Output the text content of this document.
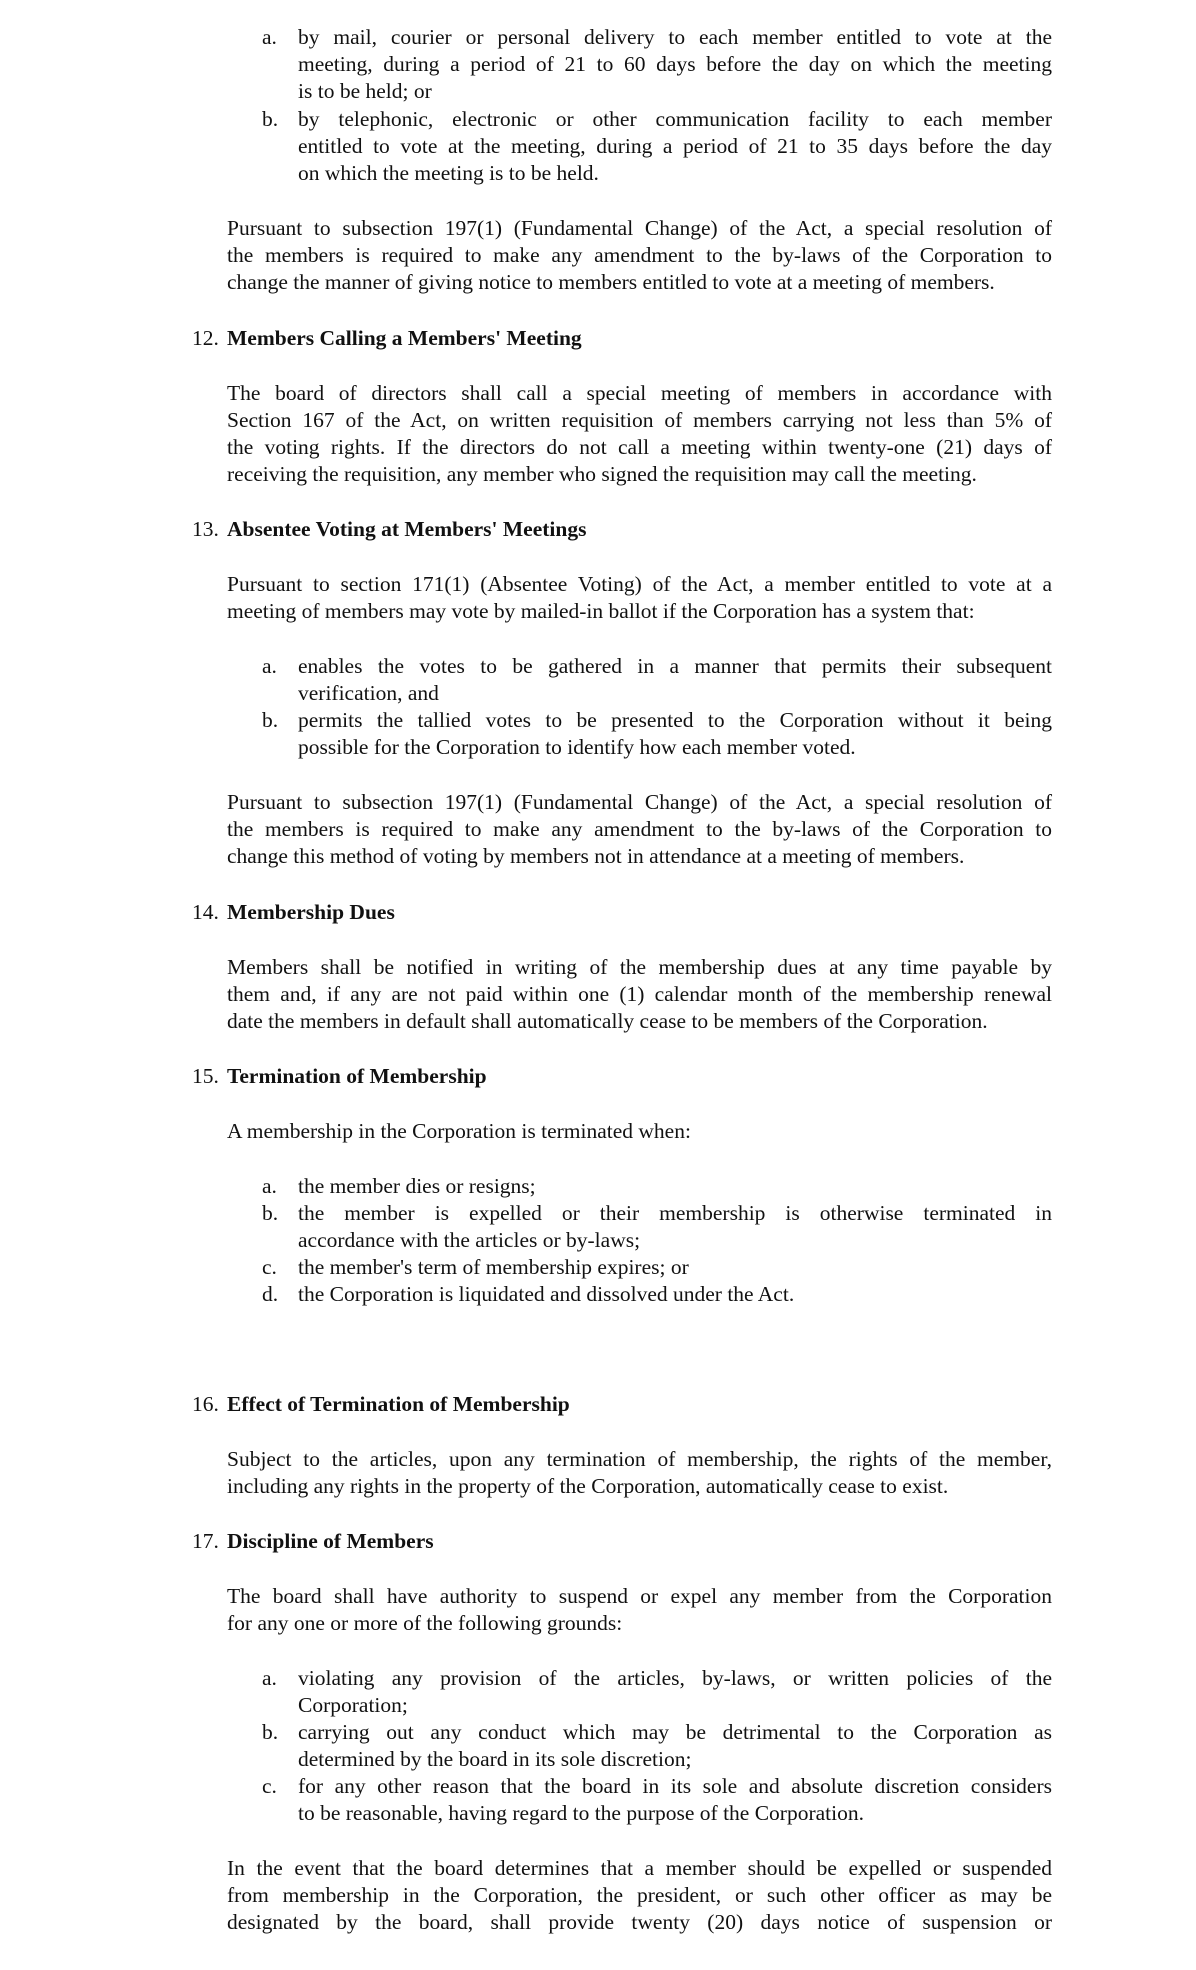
a. by mail, courier or personal delivery to each member entitled to vote at the

meeting, during a period of 21 to 60 days before the day on which the meeting

is to be held; or

b. by telephonic, electronic or other communication facility to each member

entitled to vote at the meeting, during a period of 21 to 35 days before the day

on which the meeting is to be held.

Pursuant to subsection 197(1) (Fundamental Change) of the Act, a special resolution of

the members is required to make any amendment to the by-laws of the Corporation to

change the manner of giving notice to members entitled to vote at a meeting of members.

12. Members Calling a Members' Meeting

The board of directors shall call a special meeting of members in accordance with

Section 167 of the Act, on written requisition of members carrying not less than 5% of

the voting rights. If the directors do not call a meeting within twenty-one (21) days of

receiving the requisition, any member who signed the requisition may call the meeting.

13. Absentee Voting at Members' Meetings

Pursuant to section 171(1) (Absentee Voting) of the Act, a member entitled to vote at a

meeting of members may vote by mailed-in ballot if the Corporation has a system that:

a. enables the votes to be gathered in a manner that permits their subsequent

verification, and

b. permits the tallied votes to be presented to the Corporation without it being

possible for the Corporation to identify how each member voted.

Pursuant to subsection 197(1) (Fundamental Change) of the Act, a special resolution of

the members is required to make any amendment to the by-laws of the Corporation to

change this method of voting by members not in attendance at a meeting of members.

14. Membership Dues

Members shall be notified in writing of the membership dues at any time payable by

them and, if any are not paid within one (1) calendar month of the membership renewal

date the members in default shall automatically cease to be members of the Corporation.

15. Termination of Membership

A membership in the Corporation is terminated when:

a. the member dies or resigns;

b. the member is expelled or their membership is otherwise terminated in

accordance with the articles or by-laws;

c. the member's term of membership expires; or

d. the Corporation is liquidated and dissolved under the Act.

16. Effect of Termination of Membership

Subject to the articles, upon any termination of membership, the rights of the member,

including any rights in the property of the Corporation, automatically cease to exist.

17. Discipline of Members

The board shall have authority to suspend or expel any member from the Corporation

for any one or more of the following grounds:

a. violating any provision of the articles, by-laws, or written policies of the

Corporation;

b. carrying out any conduct which may be detrimental to the Corporation as

determined by the board in its sole discretion;

c. for any other reason that the board in its sole and absolute discretion considers

to be reasonable, having regard to the purpose of the Corporation.

In the event that the board determines that a member should be expelled or suspended

from membership in the Corporation, the president, or such other officer as may be

designated by the board, shall provide twenty (20) days notice of suspension or
